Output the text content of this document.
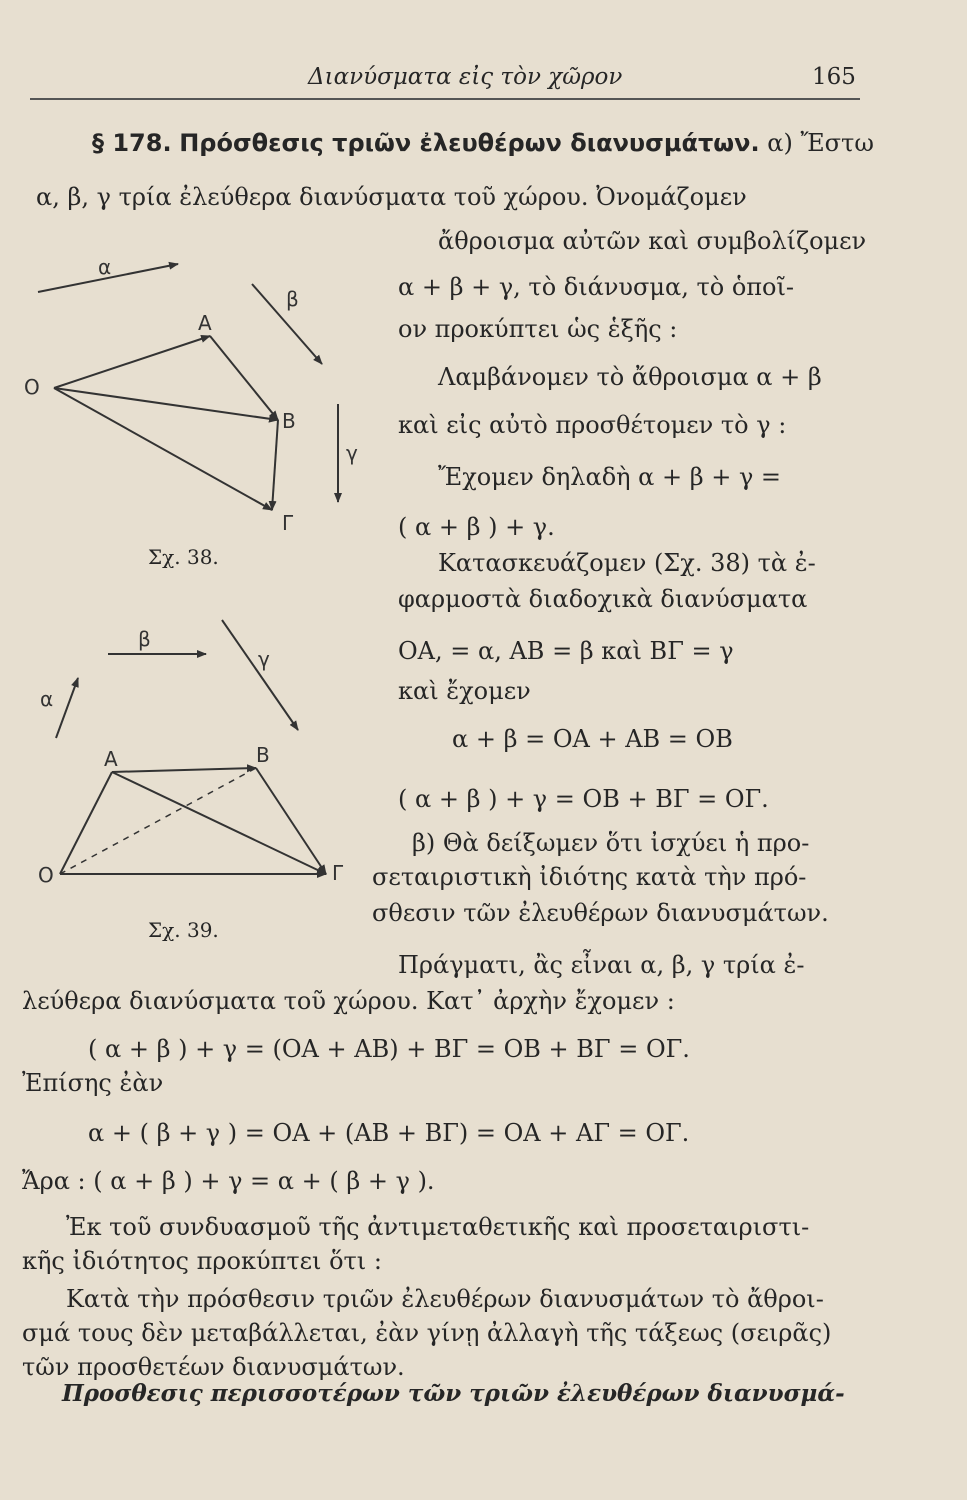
Διανύσματα εἰς τὸν χῶρον	165
§ 178. Πρόσθεσις τριῶν ἐλευθέρων διανυσμάτων. α) Ἔστω
α, β, γ τρία ἐλεύθερα διανύσματα τοῦ χώρου. Ὀνομάζομεν
ἄθροισμα αὐτῶν καὶ συμβολίζομεν
α + β + γ, τὸ διάνυσμα, τὸ ὁποῖ-
ον προκύπτει ὡς ἑξῆς :
Λαμβάνομεν τὸ ἄθροισμα α + β
καὶ εἰς αὐτὸ προσθέτομεν τὸ γ :
Ἔχομεν δηλαδὴ α + β + γ =
( α + β ) + γ.
Κατασκευάζομεν (Σχ. 38) τὰ ἐ-
φαρμοστὰ διαδοχικὰ διανύσματα
ΟΑ, = α, ΑΒ = β καὶ ΒΓ = γ
καὶ ἔχομεν
α + β = ΟΑ + ΑΒ = ΟΒ
( α + β ) + γ = ΟΒ + ΒΓ = ΟΓ.
β) Θὰ δείξωμεν ὅτι ἰσχύει ἡ προ-
σεταιριστικὴ ἰδιότης κατὰ τὴν πρό-
σθεσιν τῶν ἐλευθέρων διανυσμάτων.
Πράγματι, ἂς εἶναι α, β, γ τρία ἐ-
λεύθερα διανύσματα τοῦ χώρου. Κατ᾽ ἀρχὴν ἔχομεν :
( α + β ) + γ = (ΟΑ + ΑΒ) + ΒΓ = ΟΒ + ΒΓ = ΟΓ.
Ἐπίσης ἐὰν
α + ( β + γ ) = ΟΑ + (ΑΒ + ΒΓ) = ΟΑ + ΑΓ = ΟΓ.
Ἄρα : ( α + β ) + γ = α + ( β + γ ).
Ἐκ τοῦ συνδυασμοῦ τῆς ἀντιμεταθετικῆς καὶ προσεταιριστι-
κῆς ἰδιότητος προκύπτει ὅτι :
Κατὰ τὴν πρόσθεσιν τριῶν ἐλευθέρων διανυσμάτων τὸ ἄθροι-
σμά τους δὲν μεταβάλλεται, ἐὰν γίνῃ ἀλλαγὴ τῆς τάξεως (σειρᾶς)
τῶν προσθετέων διανυσμάτων.
Προσθεσις περισσοτέρων τῶν τριῶν ἐλευθέρων διανυσμά-
α
β
γ
Ο
Α
Β
Γ
Σχ. 38.
β
α
γ
Ο
Α	Β
Γ
Σχ. 39.
